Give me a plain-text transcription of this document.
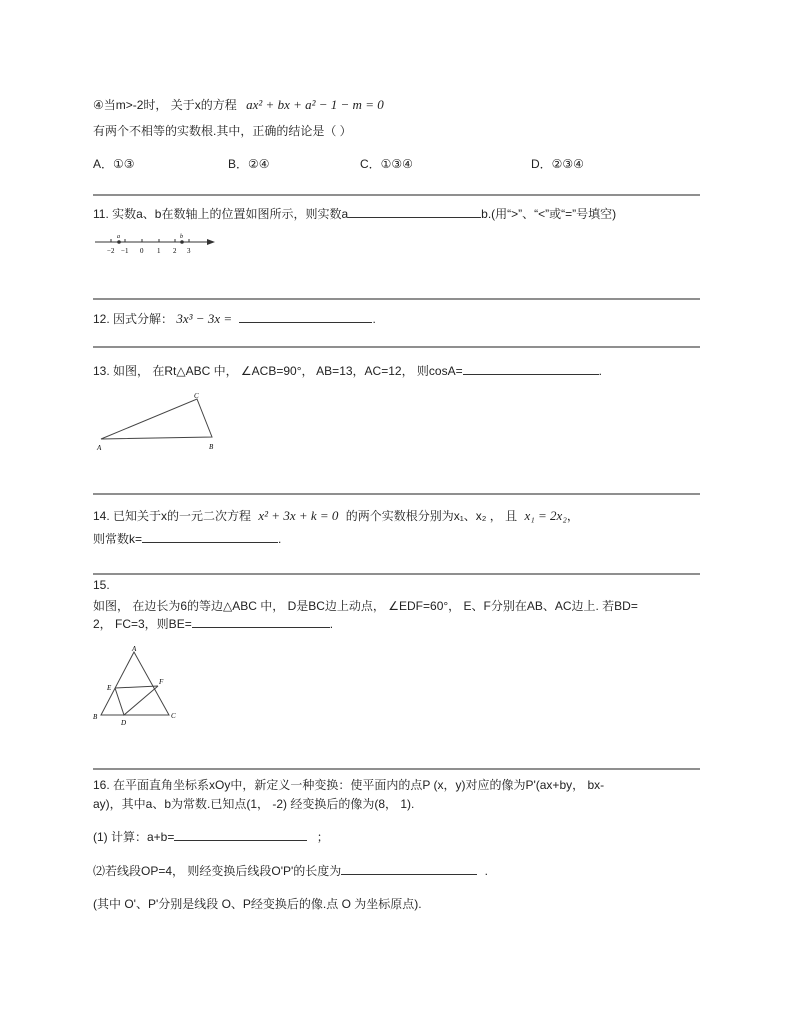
④当m>-2时， 关于x的方程 ax² + bx + a² − 1 − m = 0
有两个不相等的实数根.其中，正确的结论是（ ）
A．①③	B．②④	C．①③④	D．②③④
11. 实数a、b在数轴上的位置如图所示，则实数a	b.(用“>”、“<”或“=”号填空)
a	b
−2 −1 0 1 2 3
12. 因式分解： 3x³ − 3x =	.
13. 如图， 在Rt△ABC 中， ∠ACB=90°， AB=13，AC=12， 则cosA=	.
A	B
C
14. 已知关于x的一元二次方程 x² + 3x + k = 0 的两个实数根分别为x₁、x₂ ， 且 x₁ = 2x₂，
则常数k=	.
15.
如图， 在边长为6的等边△ABC 中， D是BC边上动点， ∠EDF=60°， E、F分别在AB、AC边上. 若BD=
2， FC=3，则BE=	.
A
B	C
D
E
F
16. 在平面直角坐标系xOy中，新定义一种变换：使平面内的点P (x，y)对应的像为P'(ax+by， bx-
ay)，其中a、b为常数.已知点(1， -2) 经变换后的像为(8， 1).
(1) 计算：a+b=	；
⑵若线段OP=4， 则经变换后线段O'P'的长度为	.
(其中 O'、P'分别是线段 O、P经变换后的像.点 O 为坐标原点).
